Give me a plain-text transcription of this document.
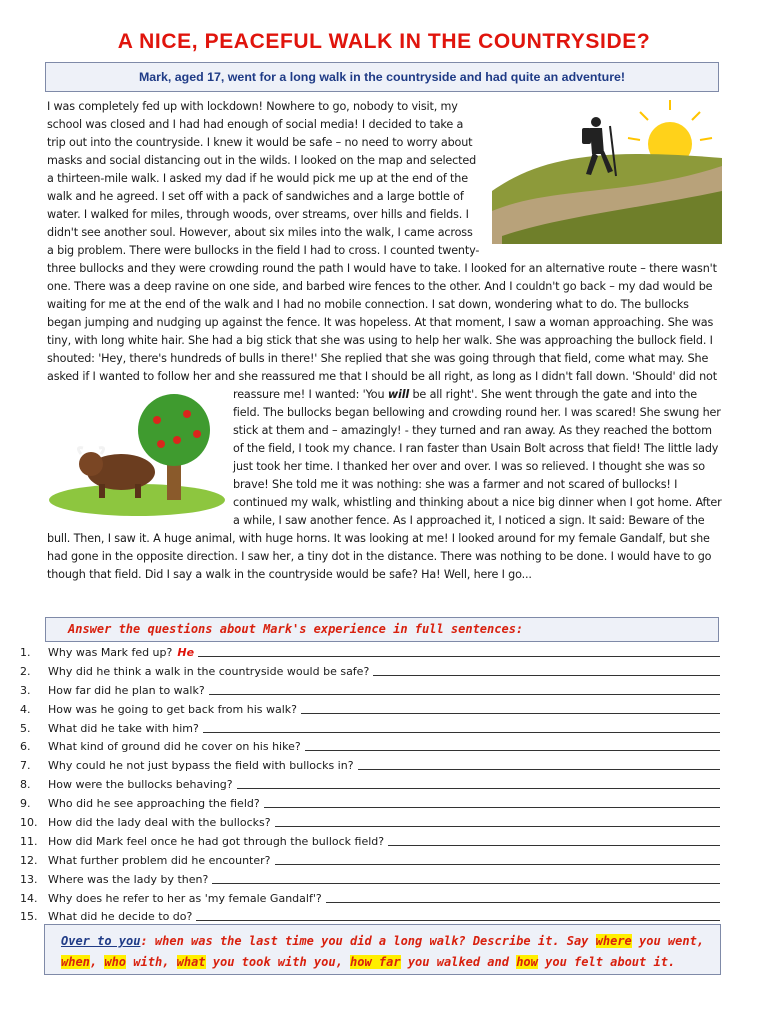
A NICE, PEACEFUL WALK IN THE COUNTRYSIDE?
Mark, aged 17, went for a long walk in the countryside and had quite an adventure!
I was completely fed up with lockdown! Nowhere to go, nobody to visit, my school was closed and I had had enough of social media! I decided to take a trip out into the countryside. I knew it would be safe – no need to worry about masks and social distancing out in the wilds. I looked on the map and selected a thirteen-mile walk. I asked my dad if he would pick me up at the end of the walk and he agreed. I set off with a pack of sandwiches and a large bottle of water. I walked for miles, through woods, over streams, over hills and fields. I didn't see another soul. However, about six miles into the walk, I came across a big problem. There were bullocks in the field I had to cross. I counted twenty-three bullocks and they were crowding round the path I would have to take. I looked for an alternative route – there wasn't one. There was a deep ravine on one side, and barbed wire fences to the other. And I couldn't go back – my dad would be waiting for me at the end of the walk and I had no mobile connection. I sat down, wondering what to do. The bullocks began jumping and nudging up against the fence. It was hopeless. At that moment, I saw a woman approaching. She was tiny, with long white hair. She had a big stick that she was using to help her walk. She was approaching the bullock field. I shouted: 'Hey, there's hundreds of bulls in there!' She replied that she was going through that field, come what may. She asked if I wanted to follow her and she reassured me that I should be all right, as long as I didn't fall down. 'Should' did not reassure me! I wanted: 'You
will be all right'. She went through the gate and into the field. The bullocks began bellowing and crowding round her. I was scared! She swung her stick at them and – amazingly! - they turned and ran away. As they reached the bottom of the field, I took my chance. I ran faster than Usain Bolt across that field! The little lady just took her time. I thanked her over and over. I was so relieved. I thought she was so brave! She told me it was nothing: she was a farmer and not scared of bullocks! I continued my walk, whistling and thinking about a nice big dinner when I got home. After a while, I saw another fence. As I approached it, I noticed a sign. It said: Beware of the bull. Then, I saw it. A huge animal, with huge horns. It was looking at me! I looked around for my female Gandalf, but she had gone in the opposite direction. I saw her, a tiny dot in the distance. There was nothing to be done. I would have to go though that field. Did I say a walk in the countryside would be safe? Ha! Well, here I go...
Answer the questions about Mark's experience in full sentences:
1.	Why was Mark fed up? He
2.	Why did he think a walk in the countryside would be safe?
3.	How far did he plan to walk?
4.	How was he going to get back from his walk?
5.	What did he take with him?
6.	What kind of ground did he cover on his hike?
7.	Why could he not just bypass the field with bullocks in?
8.	How were the bullocks behaving?
9.	Who did he see approaching the field?
10. How did the lady deal with the bullocks?
11. How did Mark feel once he had got through the bullock field?
12. What further problem did he encounter?
13. Where was the lady by then?
14. Why does he refer to her as 'my female Gandalf'?
15. What did he decide to do?
Over to you: when was the last time you did a long walk? Describe it. Say where you went, when, who with, what you took with you, how far you walked and how you felt about it.
